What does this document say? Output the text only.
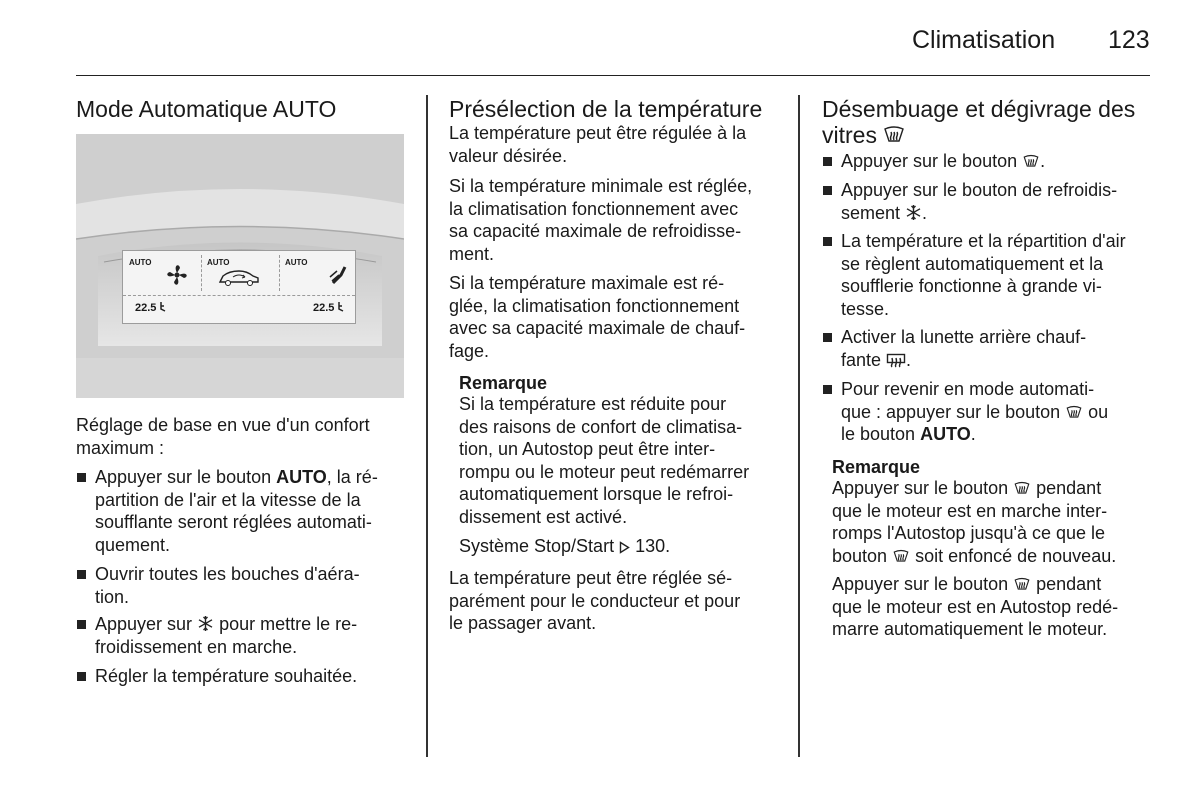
Climatisation 123
Mode Automatique AUTO
AUTO	AUTO	AUTO
22.5	22.5

Réglage de base en vue d'un confort maximum :

Appuyer sur le bouton AUTO, la ré-
partition de l'air et la vitesse de la
soufflante seront réglées automati-
quement.
Ouvrir toutes les bouches d'aéra-
tion.
Appuyer sur  pour mettre le re-
froidissement en marche.
Régler la température souhaitée.
Présélection de la température
La température peut être régulée à la
valeur désirée.
Si la température minimale est réglée,
la climatisation fonctionnement avec
sa capacité maximale de refroidisse-
ment.
Si la température maximale est ré-
glée, la climatisation fonctionnement
avec sa capacité maximale de chauf-
fage.
Remarque
Si la température est réduite pour
des raisons de confort de climatisa-
tion, un Autostop peut être inter-
rompu ou le moteur peut redémarrer
automatiquement lorsque le refroi-
dissement est activé.
Système Stop/Start  130.
La température peut être réglée sé-
parément pour le conducteur et pour
le passager avant.
Désembuage et dégivrage des
vitres
Appuyer sur le bouton .
Appuyer sur le bouton de refroidis-
sement .
La température et la répartition d'air
se règlent automatiquement et la
soufflerie fonctionne à grande vi-
tesse.
Activer la lunette arrière chauf-
fante .
Pour revenir en mode automati-
que : appuyer sur le bouton  ou
le bouton AUTO.
Remarque
Appuyer sur le bouton  pendant
que le moteur est en marche inter-
romps l'Autostop jusqu'à ce que le
bouton  soit enfoncé de nouveau.
Appuyer sur le bouton  pendant
que le moteur est en Autostop redé-
marre automatiquement le moteur.
